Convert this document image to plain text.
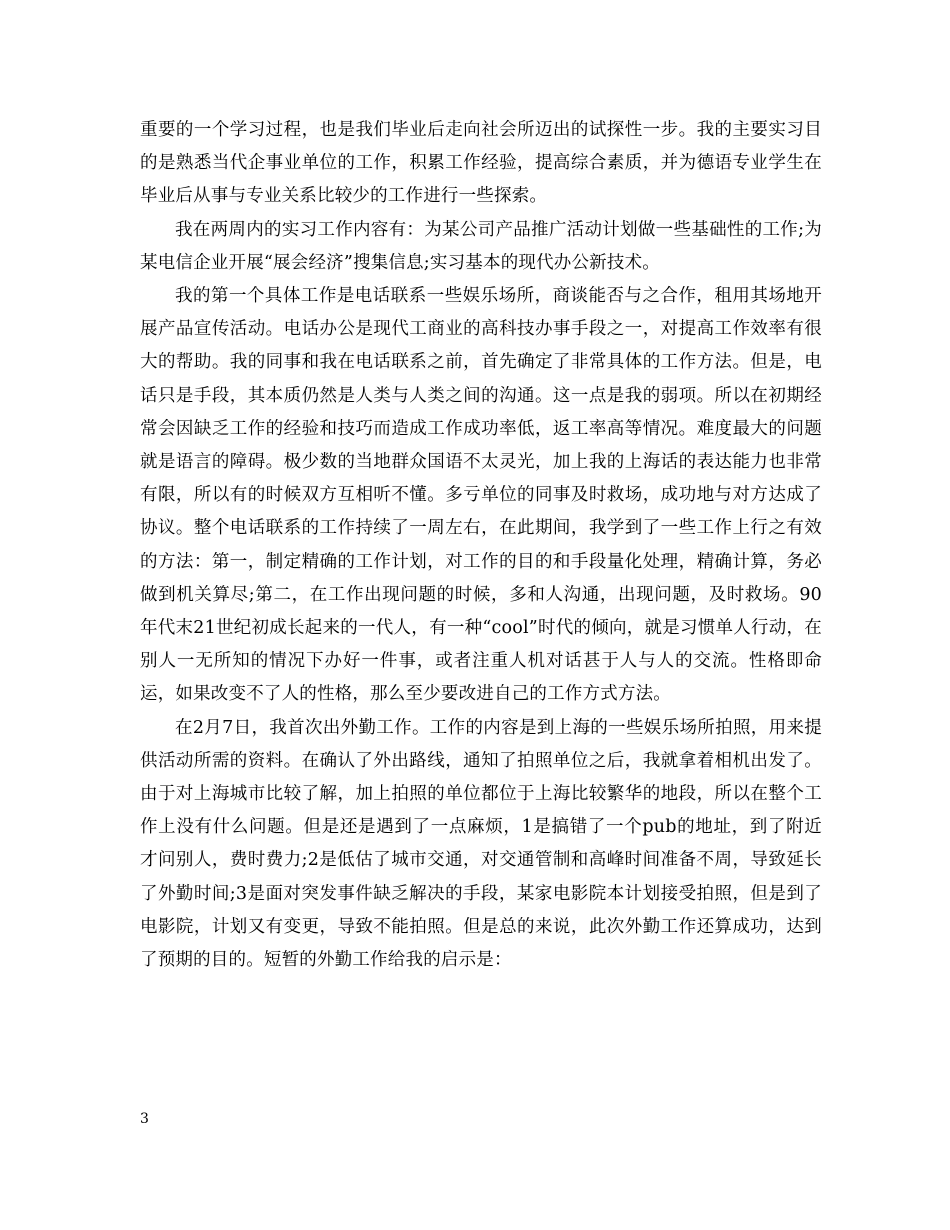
重要的一个学习过程，也是我们毕业后走向社会所迈出的试探性一步。我的主要实习目的是熟悉当代企事业单位的工作，积累工作经验，提高综合素质，并为德语专业学生在毕业后从事与专业关系比较少的工作进行一些探索。

我在两周内的实习工作内容有：为某公司产品推广活动计划做一些基础性的工作;为某电信企业开展“展会经济”搜集信息;实习基本的现代办公新技术。

我的第一个具体工作是电话联系一些娱乐场所，商谈能否与之合作，租用其场地开展产品宣传活动。电话办公是现代工商业的高科技办事手段之一，对提高工作效率有很大的帮助。我的同事和我在电话联系之前，首先确定了非常具体的工作方法。但是，电话只是手段，其本质仍然是人类与人类之间的沟通。这一点是我的弱项。所以在初期经常会因缺乏工作的经验和技巧而造成工作成功率低，返工率高等情况。难度最大的问题就是语言的障碍。极少数的当地群众国语不太灵光，加上我的上海话的表达能力也非常有限，所以有的时候双方互相听不懂。多亏单位的同事及时救场，成功地与对方达成了协议。整个电话联系的工作持续了一周左右，在此期间，我学到了一些工作上行之有效的方法：第一，制定精确的工作计划，对工作的目的和手段量化处理，精确计算，务必做到机关算尽;第二，在工作出现问题的时候，多和人沟通，出现问题，及时救场。90年代末21世纪初成长起来的一代人，有一种“cool”时代的倾向，就是习惯单人行动，在别人一无所知的情况下办好一件事，或者注重人机对话甚于人与人的交流。性格即命运，如果改变不了人的性格，那么至少要改进自己的工作方式方法。

在2月7日，我首次出外勤工作。工作的内容是到上海的一些娱乐场所拍照，用来提供活动所需的资料。在确认了外出路线，通知了拍照单位之后，我就拿着相机出发了。由于对上海城市比较了解，加上拍照的单位都位于上海比较繁华的地段，所以在整个工作上没有什么问题。但是还是遇到了一点麻烦，1是搞错了一个pub的地址，到了附近才问别人，费时费力;2是低估了城市交通，对交通管制和高峰时间准备不周，导致延长了外勤时间;3是面对突发事件缺乏解决的手段，某家电影院本计划接受拍照，但是到了电影院，计划又有变更，导致不能拍照。但是总的来说，此次外勤工作还算成功，达到了预期的目的。短暂的外勤工作给我的启示是：

3
